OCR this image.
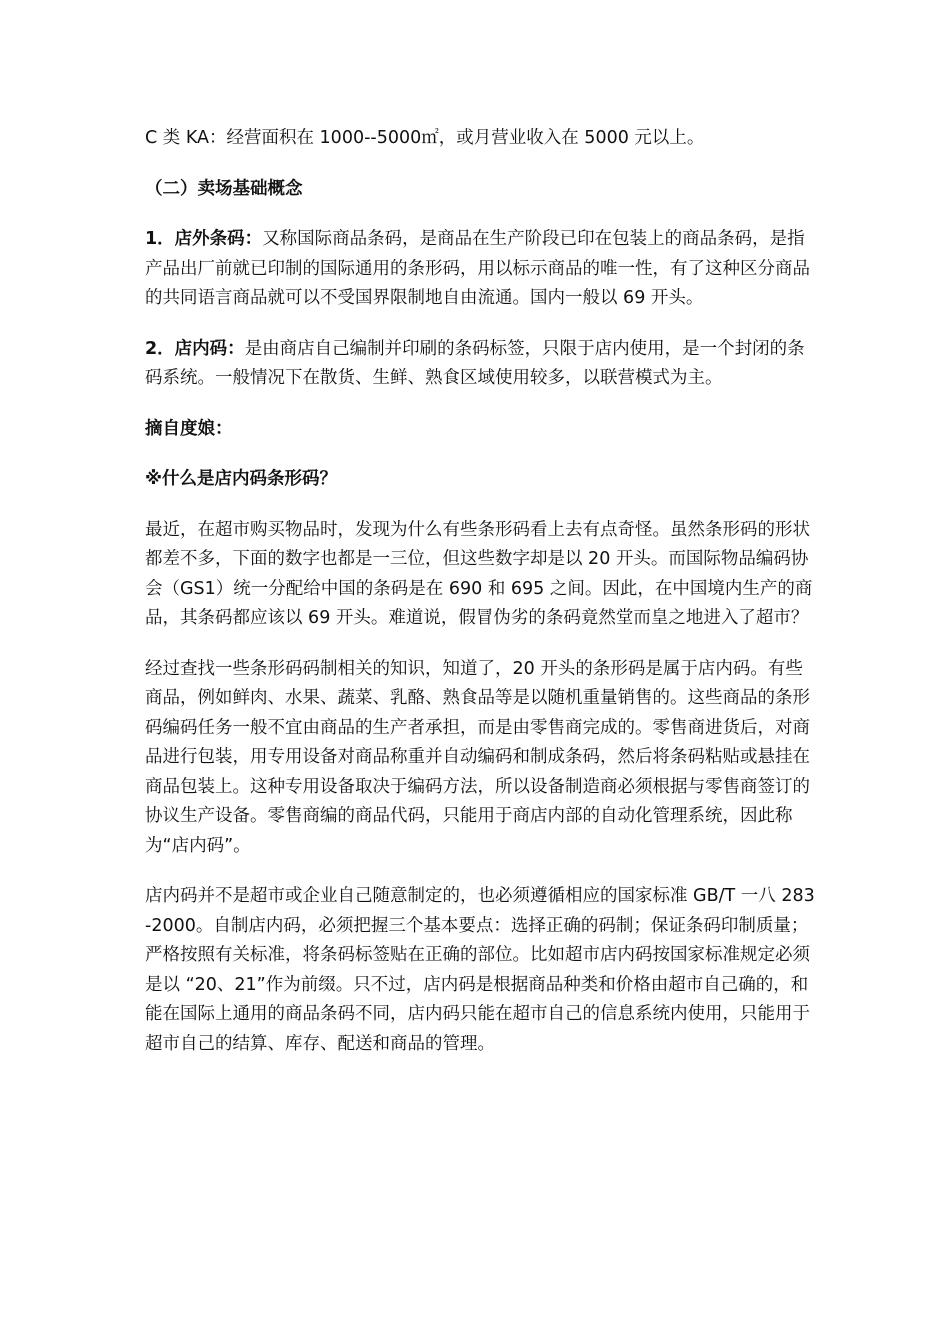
C 类 KA：经营面积在 1000--5000㎡，或月营业收入在 5000 元以上。

（二）卖场基础概念

1．店外条码：又称国际商品条码，是商品在生产阶段已印在包装上的商品条码，是指产品出厂前就已印制的国际通用的条形码，用以标示商品的唯一性，有了这种区分商品的共同语言商品就可以不受国界限制地自由流通。国内一般以 69 开头。

2．店内码：是由商店自己编制并印刷的条码标签，只限于店内使用，是一个封闭的条码系统。一般情况下在散货、生鲜、熟食区域使用较多，以联营模式为主。

摘自度娘：

※什么是店内码条形码？

最近，在超市购买物品时，发现为什么有些条形码看上去有点奇怪。虽然条形码的形状都差不多，下面的数字也都是一三位，但这些数字却是以 20 开头。而国际物品编码协会（GS1）统一分配给中国的条码是在 690 和 695 之间。因此，在中国境内生产的商品，其条码都应该以 69 开头。难道说，假冒伪劣的条码竟然堂而皇之地进入了超市？

经过查找一些条形码码制相关的知识，知道了，20 开头的条形码是属于店内码。有些商品，例如鲜肉、水果、蔬菜、乳酪、熟食品等是以随机重量销售的。这些商品的条形码编码任务一般不宜由商品的生产者承担，而是由零售商完成的。零售商进货后，对商品进行包装，用专用设备对商品称重并自动编码和制成条码，然后将条码粘贴或悬挂在商品包装上。这种专用设备取决于编码方法，所以设备制造商必须根据与零售商签订的协议生产设备。零售商编的商品代码，只能用于商店内部的自动化管理系统，因此称为“店内码”。

店内码并不是超市或企业自己随意制定的，也必须遵循相应的国家标准 GB/T 一八 283-2000。自制店内码，必须把握三个基本要点：选择正确的码制；保证条码印制质量；严格按照有关标准，将条码标签贴在正确的部位。比如超市店内码按国家标准规定必须是以 “20、21”作为前缀。只不过，店内码是根据商品种类和价格由超市自己确的，和能在国际上通用的商品条码不同，店内码只能在超市自己的信息系统内使用，只能用于超市自己的结算、库存、配送和商品的管理。
